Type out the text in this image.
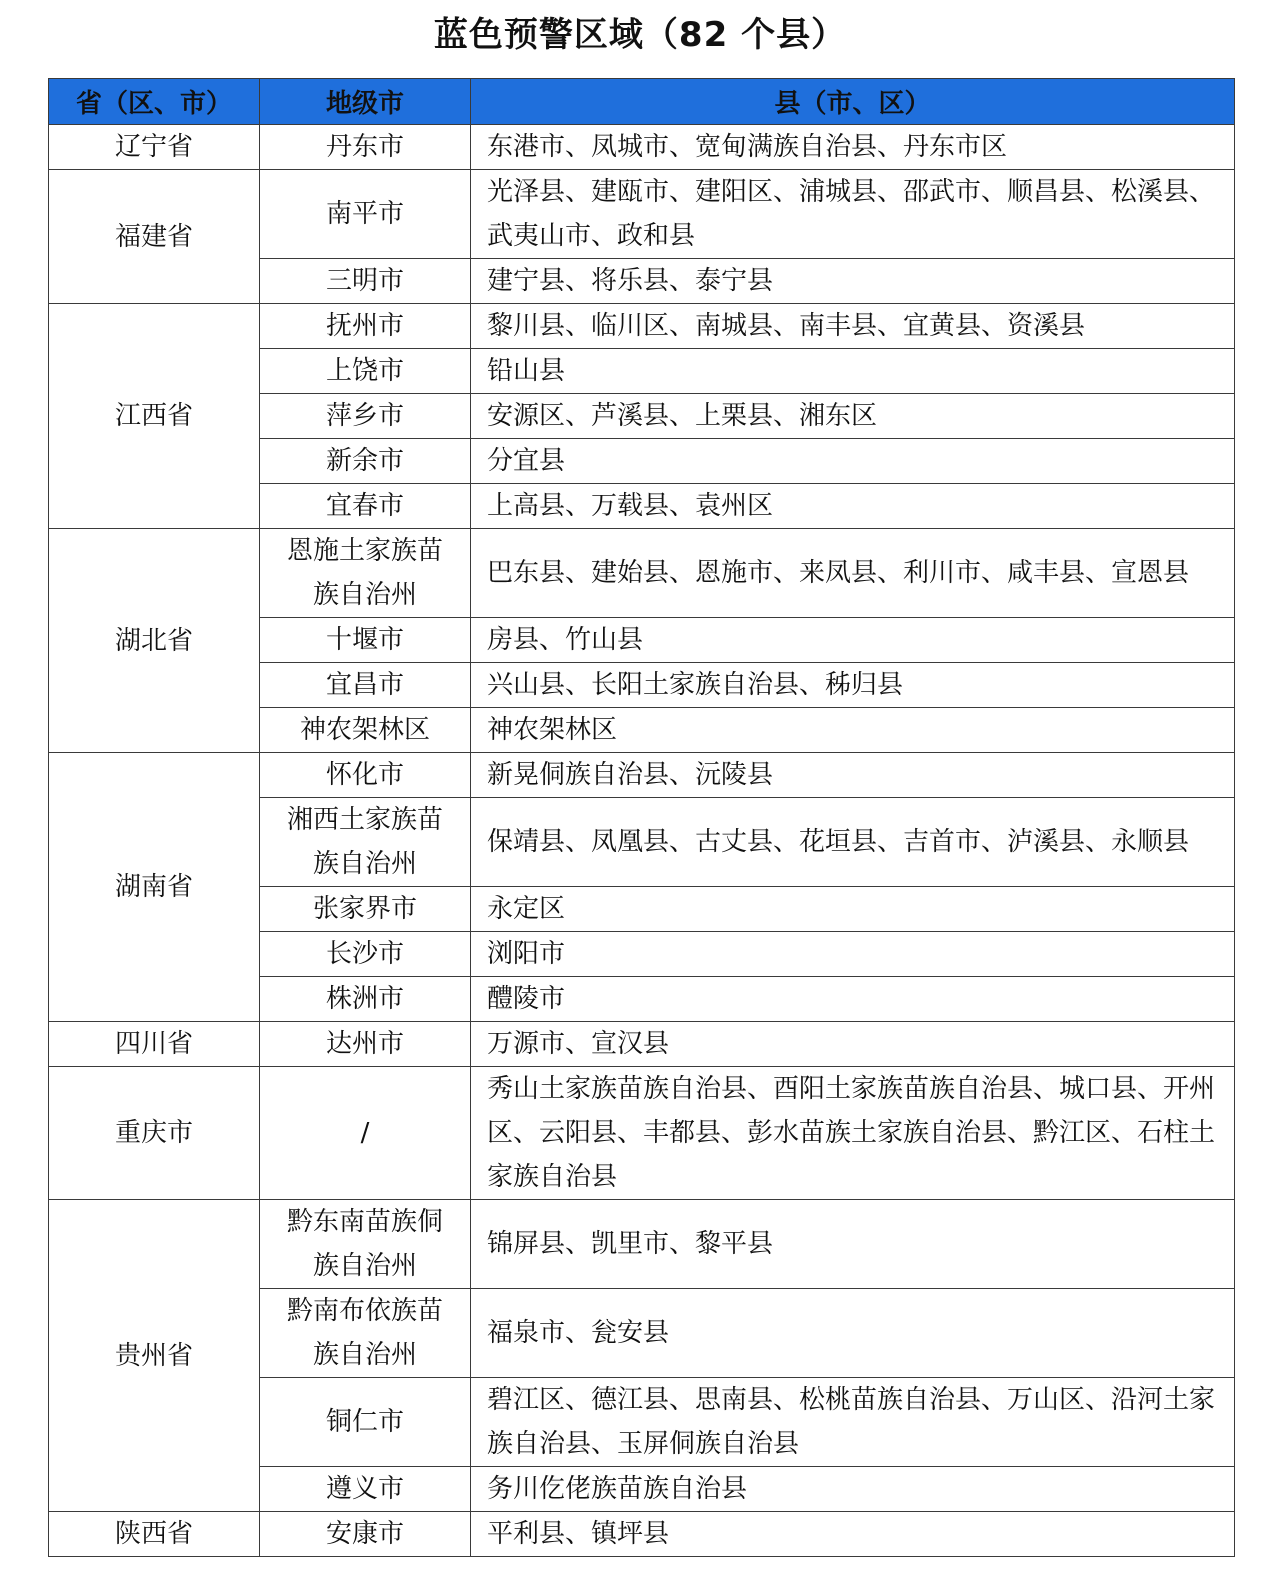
蓝色预警区域（82 个县）
省（区、市）	地级市	县（市、区）
辽宁省	丹东市	东港市、凤城市、宽甸满族自治县、丹东市区
福建省	南平市	光泽县、建瓯市、建阳区、浦城县、邵武市、顺昌县、松溪县、武夷山市、政和县

	三明市	建宁县、将乐县、泰宁县
江西省	抚州市	黎川县、临川区、南城县、南丰县、宜黄县、资溪县

	上饶市	铅山县

	萍乡市	安源区、芦溪县、上栗县、湘东区

	新余市	分宜县

	宜春市	上高县、万载县、袁州区
湖北省	恩施土家族苗族自治州	巴东县、建始县、恩施市、来凤县、利川市、咸丰县、宣恩县

	十堰市	房县、竹山县

	宜昌市	兴山县、长阳土家族自治县、秭归县

	神农架林区	神农架林区
湖南省	怀化市	新晃侗族自治县、沅陵县

	湘西土家族苗族自治州	保靖县、凤凰县、古丈县、花垣县、吉首市、泸溪县、永顺县

	张家界市	永定区

	长沙市	浏阳市

	株洲市	醴陵市
四川省	达州市	万源市、宣汉县
重庆市	/	秀山土家族苗族自治县、酉阳土家族苗族自治县、城口县、开州区、云阳县、丰都县、彭水苗族土家族自治县、黔江区、石柱土家族自治县
贵州省	黔东南苗族侗族自治州	锦屏县、凯里市、黎平县

	黔南布依族苗族自治州	福泉市、瓮安县

	铜仁市	碧江区、德江县、思南县、松桃苗族自治县、万山区、沿河土家族自治县、玉屏侗族自治县

	遵义市	务川仡佬族苗族自治县
陕西省	安康市	平利县、镇坪县
